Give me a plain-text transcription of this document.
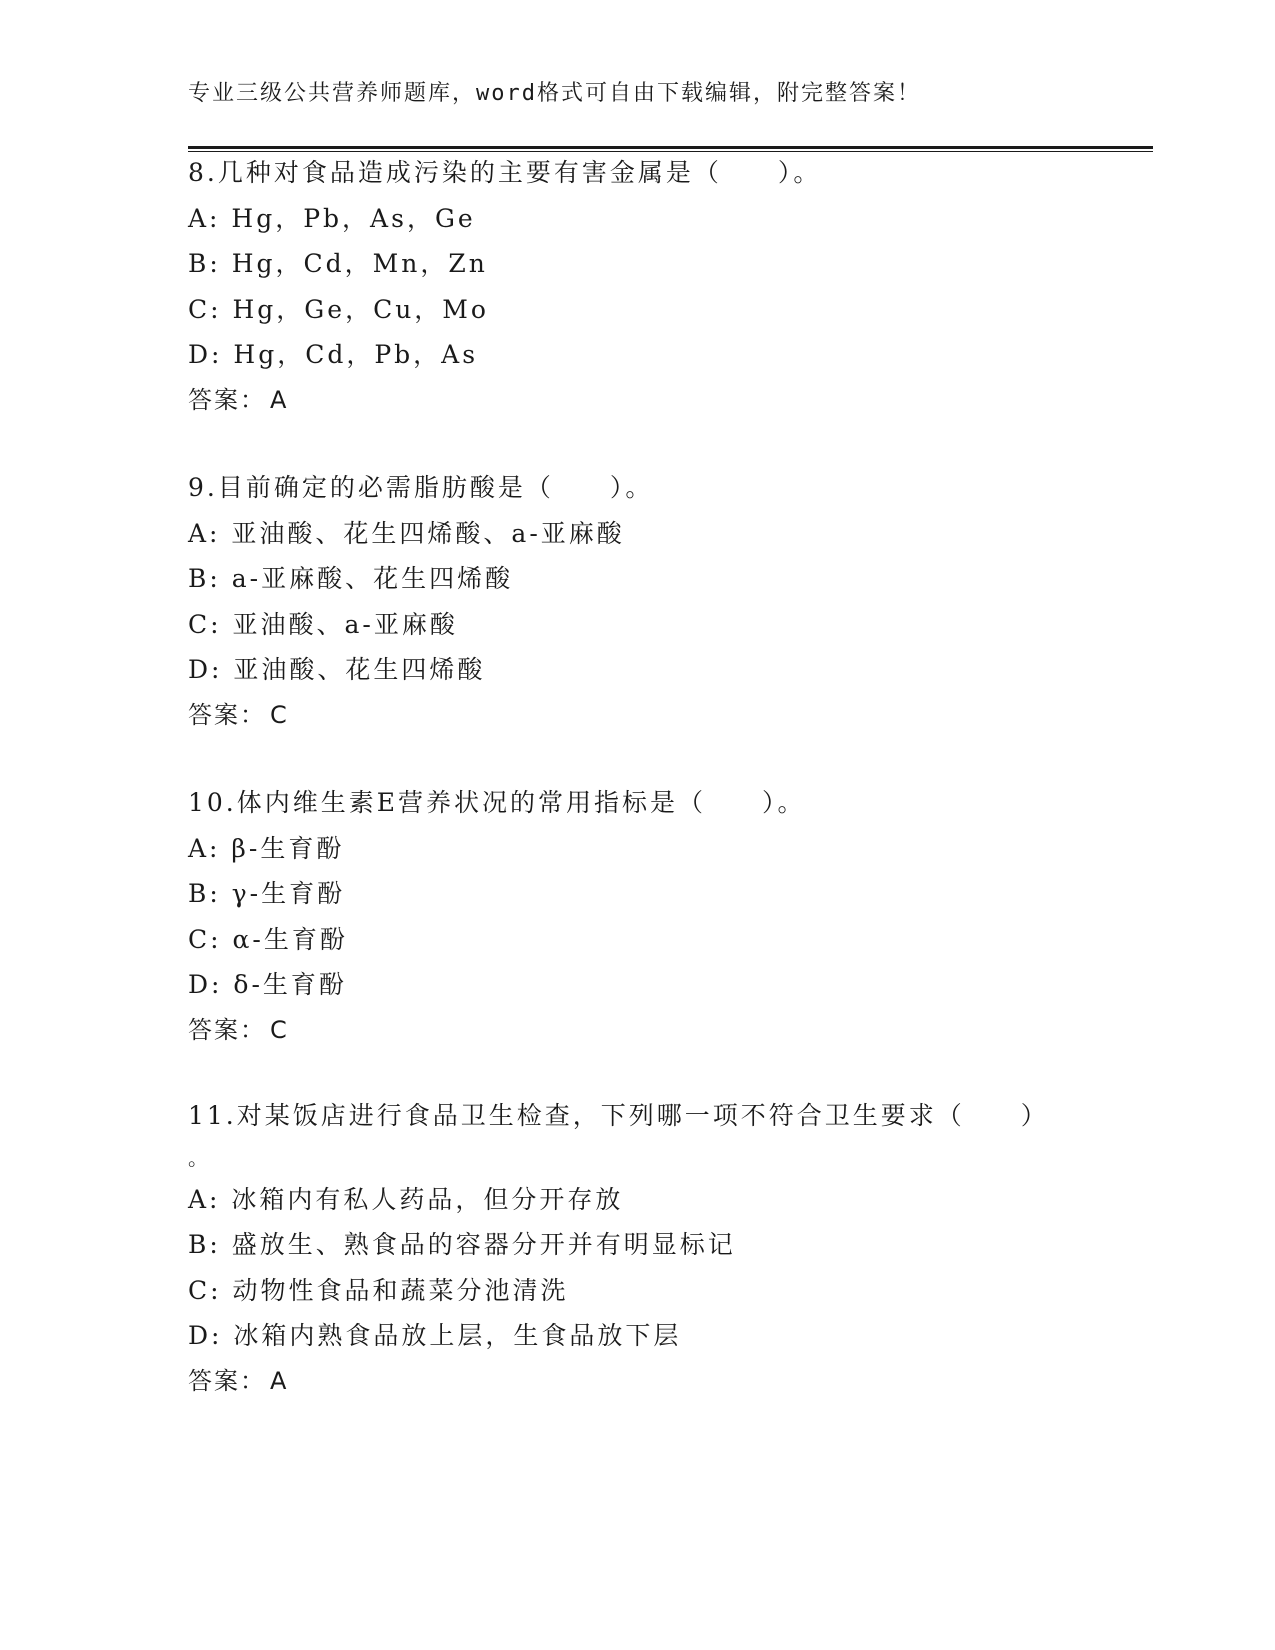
专业三级公共营养师题库，word格式可自由下载编辑，附完整答案！
8.几种对食品造成污染的主要有害金属是（　　）。
A: Hg，Pb，As，Ge
B: Hg，Cd，Mn，Zn
C: Hg，Ge，Cu，Mo
D: Hg，Cd，Pb，As
答案： A
9.目前确定的必需脂肪酸是（　　）。
A: 亚油酸、花生四烯酸、a-亚麻酸
B: a-亚麻酸、花生四烯酸
C: 亚油酸、a-亚麻酸
D: 亚油酸、花生四烯酸
答案： C
10.体内维生素E营养状况的常用指标是（　　）。
A: β-生育酚
B: γ-生育酚
C: α-生育酚
D: δ-生育酚
答案： C
11.对某饭店进行食品卫生检查，下列哪一项不符合卫生要求（　　）
。
A: 冰箱内有私人药品，但分开存放
B: 盛放生、熟食品的容器分开并有明显标记
C: 动物性食品和蔬菜分池清洗
D: 冰箱内熟食品放上层，生食品放下层
答案： A
